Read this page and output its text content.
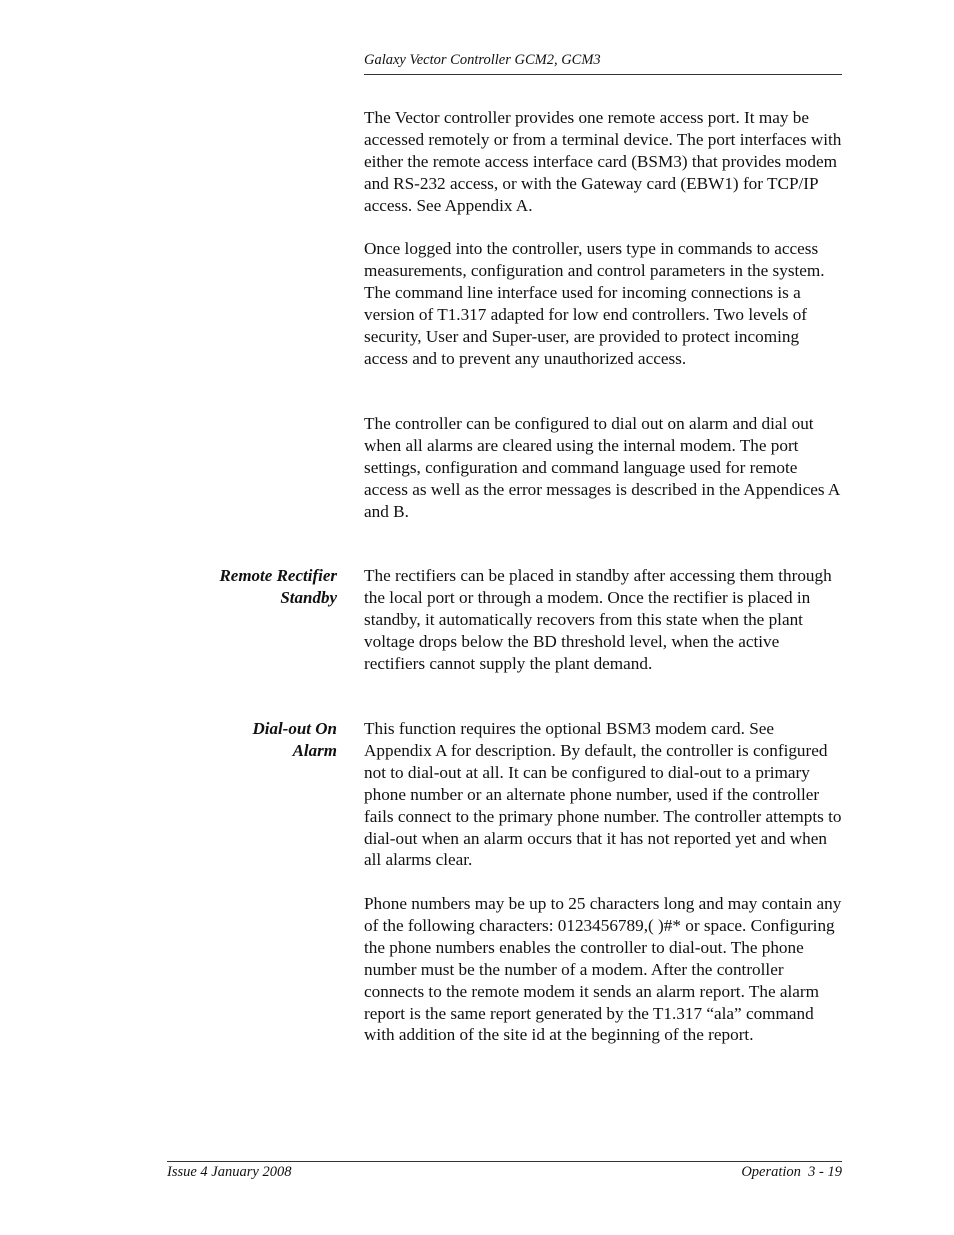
Galaxy Vector Controller GCM2, GCM3

The Vector controller provides one remote access port. It may be accessed remotely or from a terminal device. The port interfaces with either the remote access interface card (BSM3) that provides modem and RS-232 access, or with the Gateway card (EBW1) for TCP/IP access. See Appendix A.

Once logged into the controller, users type in commands to access measurements, configuration and control parameters in the system. The command line interface used for incoming connections is a version of T1.317 adapted for low end controllers. Two levels of security, User and Super-user, are provided to protect incoming access and to prevent any unauthorized access.

The controller can be configured to dial out on alarm and dial out when all alarms are cleared using the internal modem. The port settings, configuration and command language used for remote access as well as the error messages is described in the Appendices A and B.

Remote Rectifier
Standby

The rectifiers can be placed in standby after accessing them through the local port or through a modem. Once the rectifier is placed in standby, it automatically recovers from this state when the plant voltage drops below the BD threshold level, when the active rectifiers cannot supply the plant demand.

Dial-out On
Alarm

This function requires the optional BSM3 modem card. See Appendix A for description. By default, the controller is configured not to dial-out at all. It can be configured to dial-out to a primary phone number or an alternate phone number, used if the controller fails connect to the primary phone number. The controller attempts to dial-out when an alarm occurs that it has not reported yet and when all alarms clear.

Phone numbers may be up to 25 characters long and may contain any of the following characters: 0123456789,( )#* or space. Configuring the phone numbers enables the controller to dial-out. The phone number must be the number of a modem. After the controller connects to the remote modem it sends an alarm report. The alarm report is the same report generated by the T1.317 “ala” command with addition of the site id at the beginning of the report.

Issue 4 January 2008	Operation  3 - 19
